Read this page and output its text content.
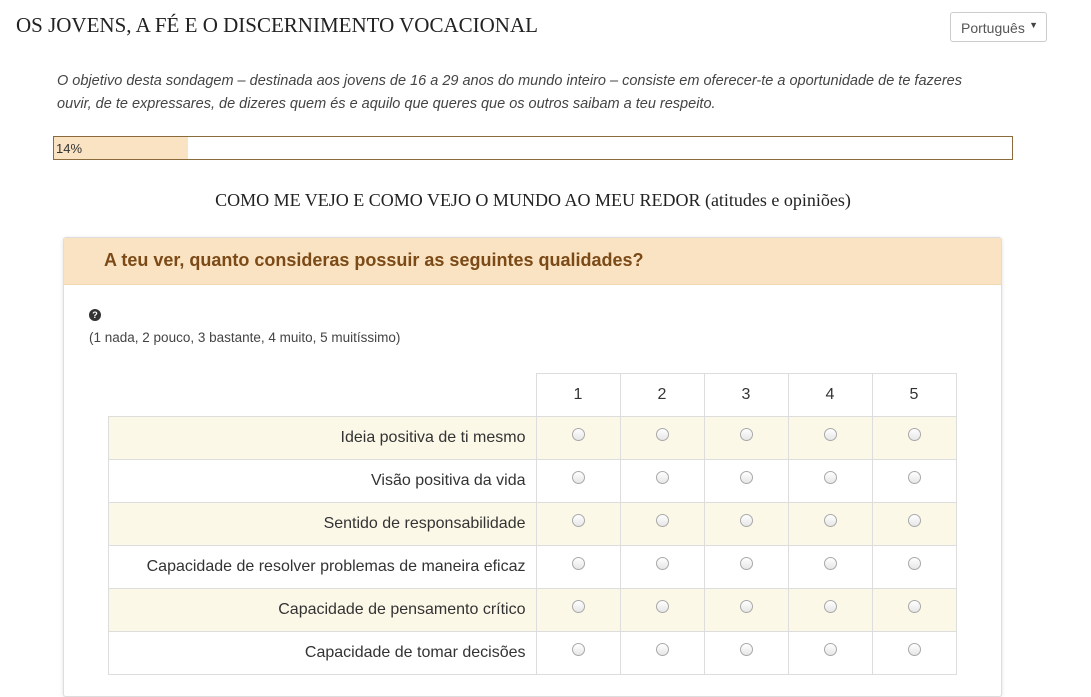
OS JOVENS, A FÉ E O DISCERNIMENTO VOCACIONAL	Português ▼
O objetivo desta sondagem – destinada aos jovens de 16 a 29 anos do mundo inteiro – consiste em oferecer-te a oportunidade de te fazeres ouvir, de te expressares, de dizeres quem és e aquilo que queres que os outros saibam a teu respeito.
14%
COMO ME VEJO E COMO VEJO O MUNDO AO MEU REDOR (atitudes e opiniões)
A teu ver, quanto consideras possuir as seguintes qualidades?
?
(1 nada, 2 pouco, 3 bastante, 4 muito, 5 muitíssimo)
	1	2	3	4	5
Ideia positiva de ti mesmo					
Visão positiva da vida					
Sentido de responsabilidade					
Capacidade de resolver problemas de maneira eficaz					
Capacidade de pensamento crítico					
Capacidade de tomar decisões					
